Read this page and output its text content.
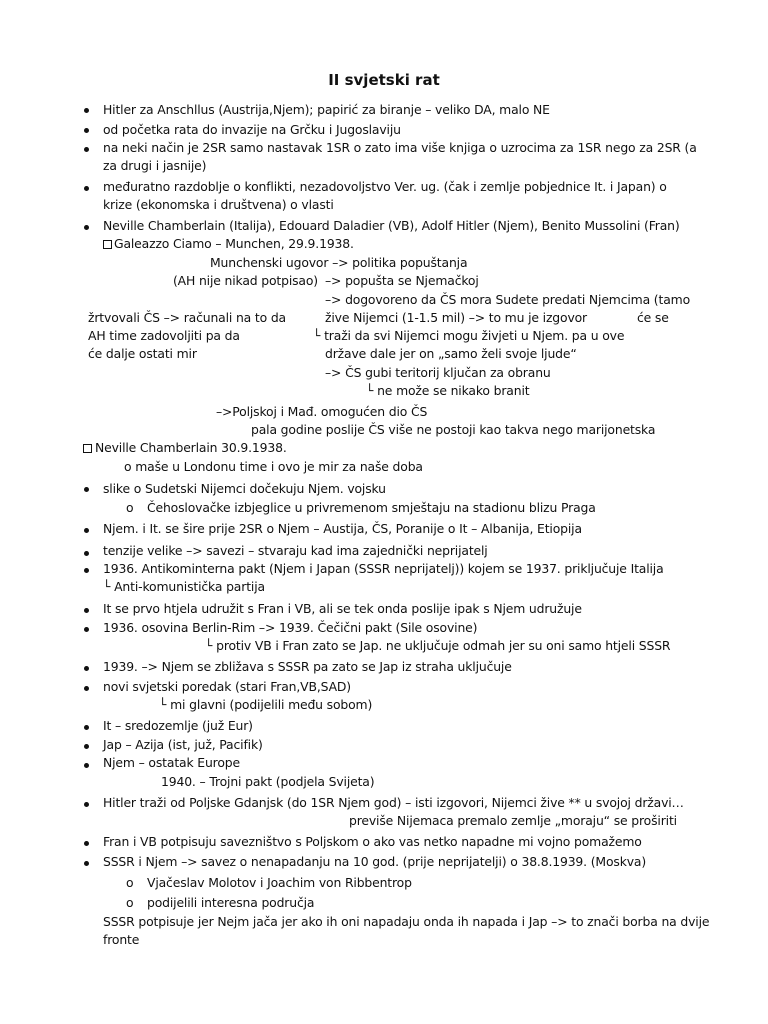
II svjetski rat
Hitler za Anschllus (Austrija,Njem); papirić za biranje – veliko DA, malo NE
od početka rata do invazije na Grčku i Jugoslaviju
na neki način je 2SR samo nastavak 1SR o zato ima više knjiga o uzrocima za 1SR nego za 2SR (a
za drugi i jasnije)
međuratno razdoblje o konflikti, nezadovoljstvo Ver. ug. (čak i zemlje pobjednice It. i Japan) o
krize (ekonomska i društvena) o vlasti
Neville Chamberlain (Italija), Edouard Daladier (VB), Adolf Hitler (Njem), Benito Mussolini (Fran)
Galeazzo Ciamo – Munchen, 29.9.1938.
Munchenski ugovor –> politika popuštanja
(AH nije nikad potpisao) –> popušta se Njemačkoj
–> dogovoreno da ČS mora Sudete predati Njemcima (tamo
žrtvovali ČS –> računali na to da	žive Nijemci (1-1.5 mil) –> to mu je izgovor	će se
AH time zadovoljiti pa da	└ traži da svi Nijemci mogu živjeti u Njem. pa u ove
će dalje ostati mir	države dale jer on „samo želi svoje ljude“
–> ČS gubi teritorij ključan za obranu
└ ne može se nikako branit
–>Poljskoj i Mađ. omogućen dio ČS
pala godine poslije ČS više ne postoji kao takva nego marijonetska
Neville Chamberlain 30.9.1938.
o maše u Londonu time i ovo je mir za naše doba
slike o Sudetski Nijemci dočekuju Njem. vojsku
o Čehoslovačke izbjeglice u privremenom smještaju na stadionu blizu Praga
Njem. i It. se šire prije 2SR o Njem – Austija, ČS, Poranije o It – Albanija, Etiopija
tenzije velike –> savezi – stvaraju kad ima zajednički neprijatelj
1936. Antikominterna pakt (Njem i Japan (SSSR neprijatelj)) kojem se 1937. priključuje Italija
└ Anti-komunistička partija
It se prvo htjela udružit s Fran i VB, ali se tek onda poslije ipak s Njem udružuje
1936. osovina Berlin-Rim –> 1939. Čečični pakt (Sile osovine)
└ protiv VB i Fran zato se Jap. ne uključuje odmah jer su oni samo htjeli SSSR
1939. –> Njem se zbližava s SSSR pa zato se Jap iz straha uključuje
novi svjetski poredak (stari Fran,VB,SAD)
└ mi glavni (podijelili među sobom)
It – sredozemlje (juž Eur)
Jap – Azija (ist, juž, Pacifik)
Njem – ostatak Europe
1940. – Trojni pakt (podjela Svijeta)
Hitler traži od Poljske Gdanjsk (do 1SR Njem god) – isti izgovori, Nijemci žive ** u svojoj državi…
previše Nijemaca premalo zemlje „moraju“ se proširiti
Fran i VB potpisuju savezništvo s Poljskom o ako vas netko napadne mi vojno pomažemo
SSSR i Njem –> savez o nenapadanju na 10 god. (prije neprijatelji) o 38.8.1939. (Moskva)
o Vjačeslav Molotov i Joachim von Ribbentrop
o podijelili interesna područja
SSSR potpisuje jer Nejm jača jer ako ih oni napadaju onda ih napada i Jap –> to znači borba na dvije
fronte
